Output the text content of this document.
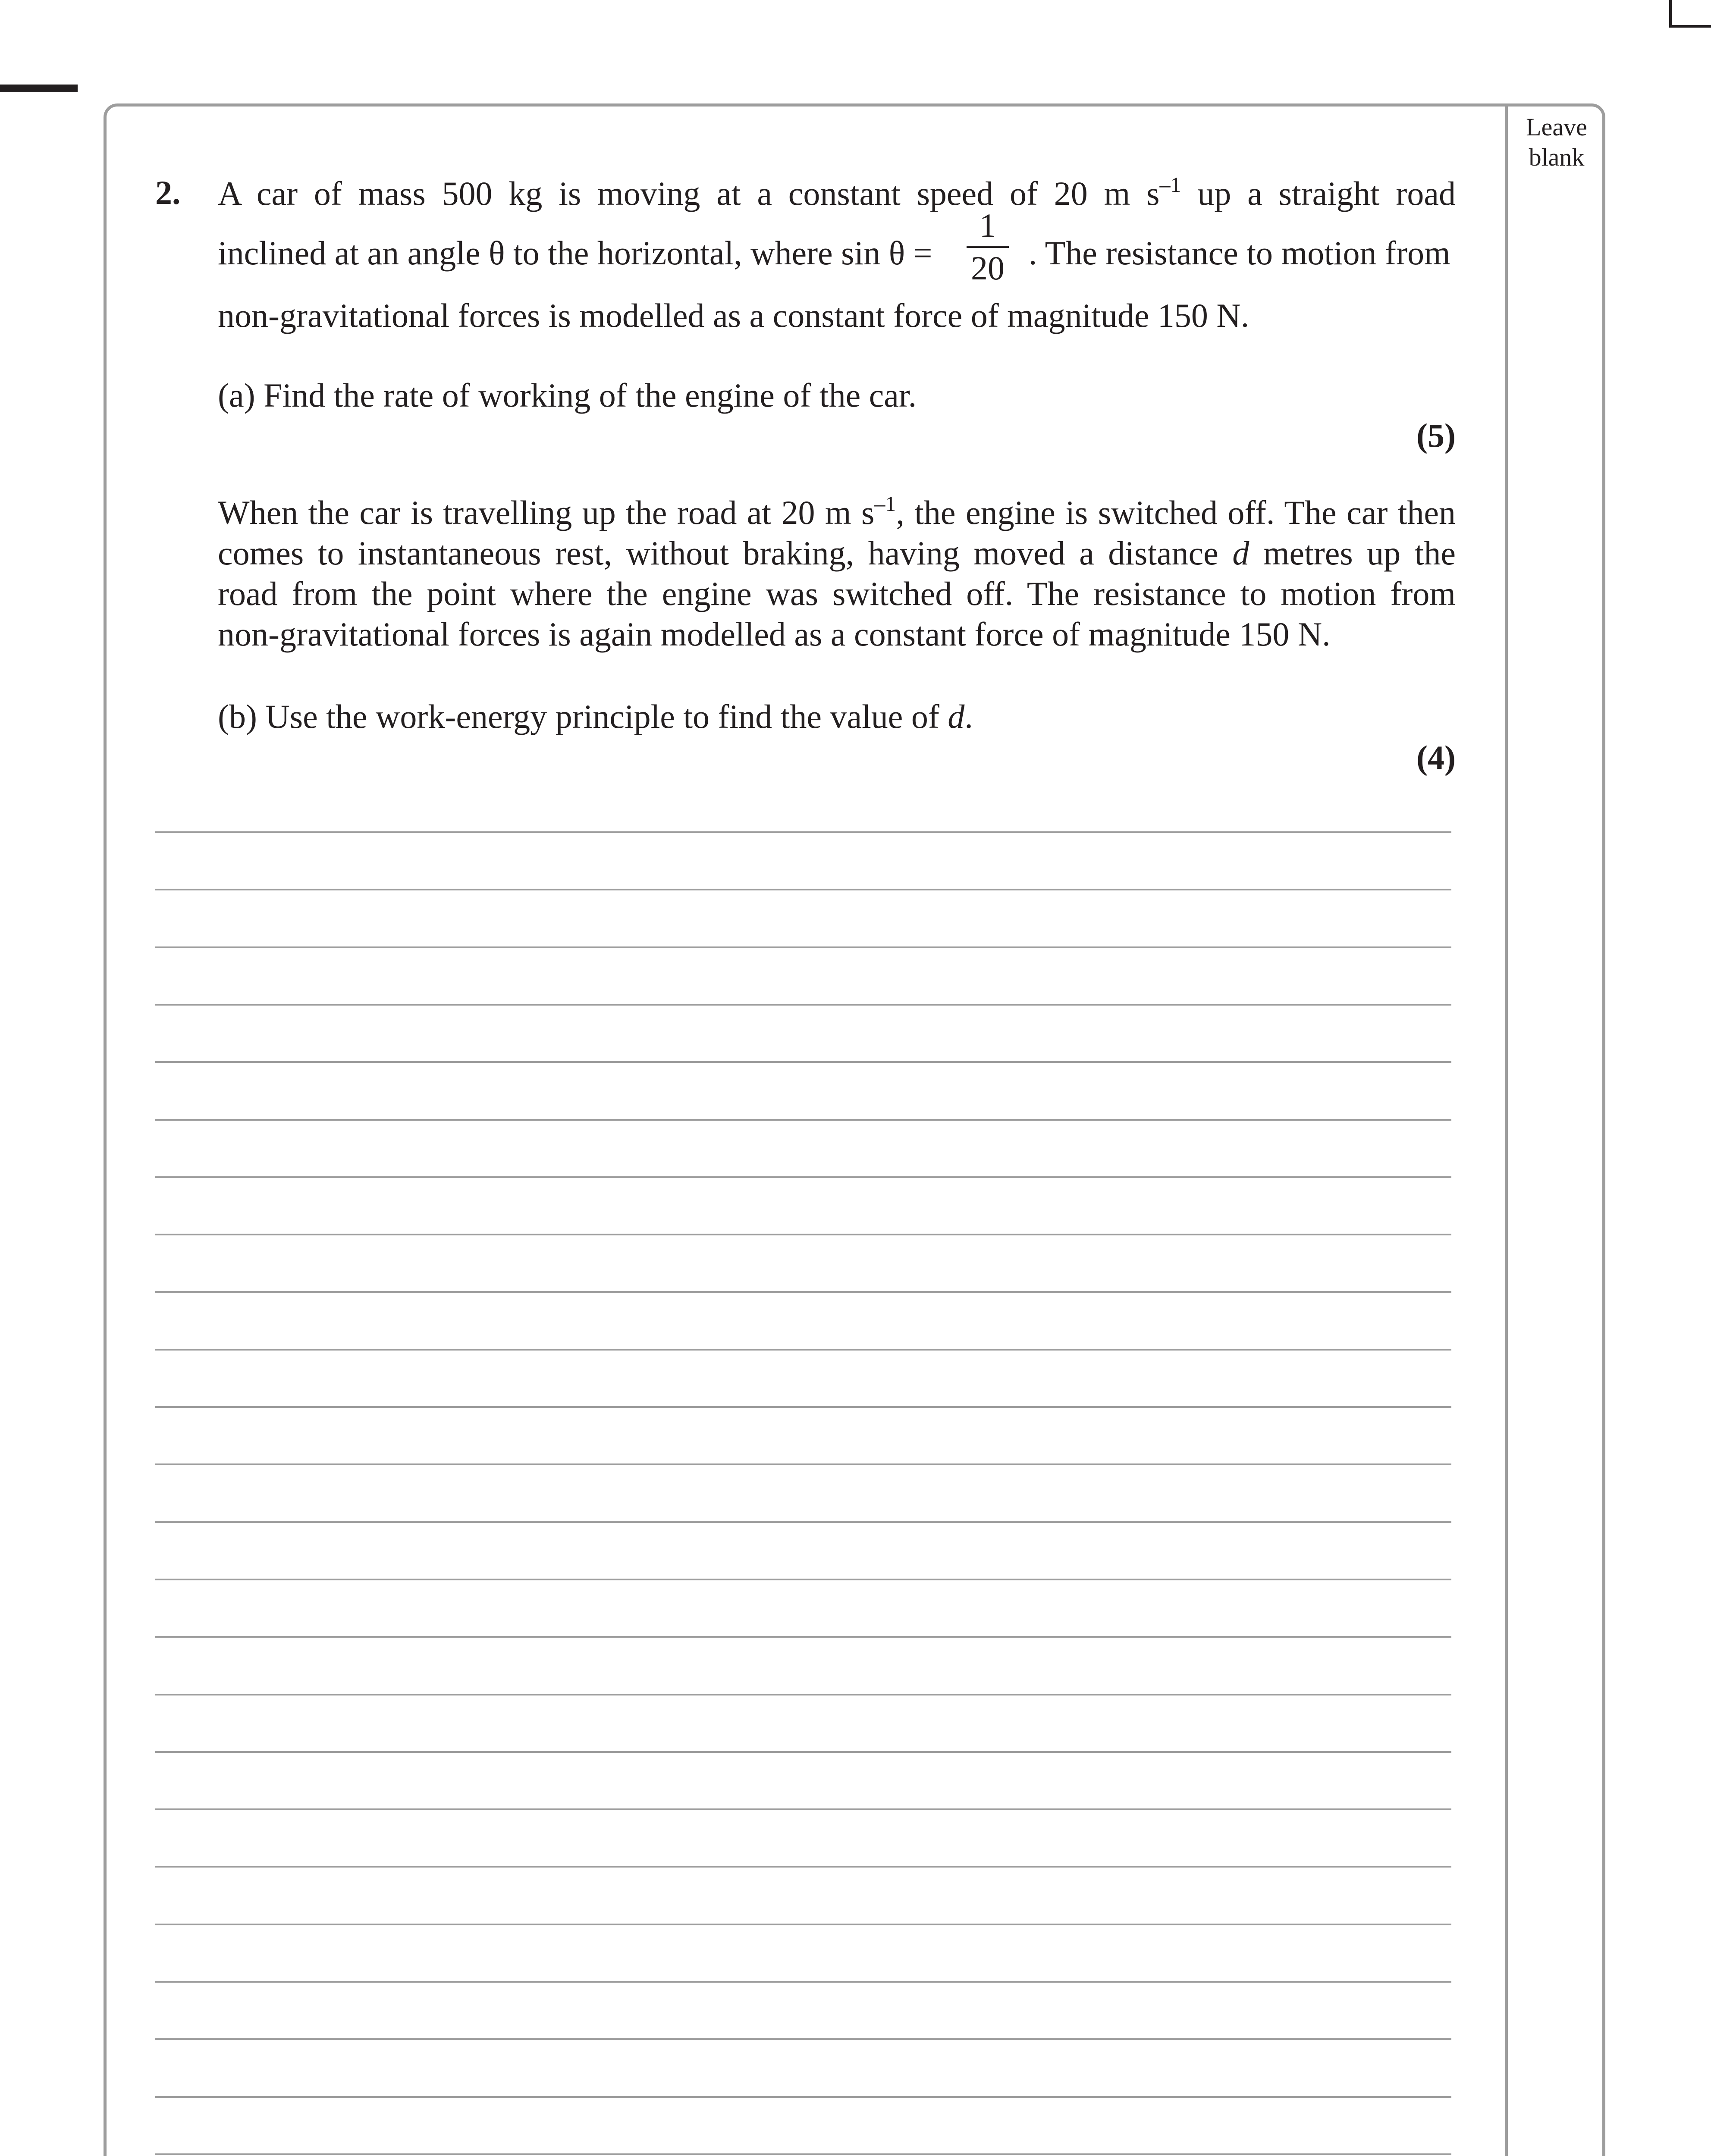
Leave
blank
2. A car of mass 500 kg is moving at a constant speed of 20 m $s^{-1}$ up a straight road
inclined at an angle θ to the horizontal, where sin θ =	. The resistance to motion from
1
20
non-gravitational forces is modelled as a constant force of magnitude 150 N.
(a) Find the rate of working of the engine of the car.
(5)
When the car is travelling up the road at 20 m $s^{-1}$, the engine is switched off. The car then
comes to instantaneous rest, without braking, having moved a distance d metres up the
road from the point where the engine was switched off. The resistance to motion from
non-gravitational forces is again modelled as a constant force of magnitude 150 N.
(b) Use the work-energy principle to find the value of d.
(4)
